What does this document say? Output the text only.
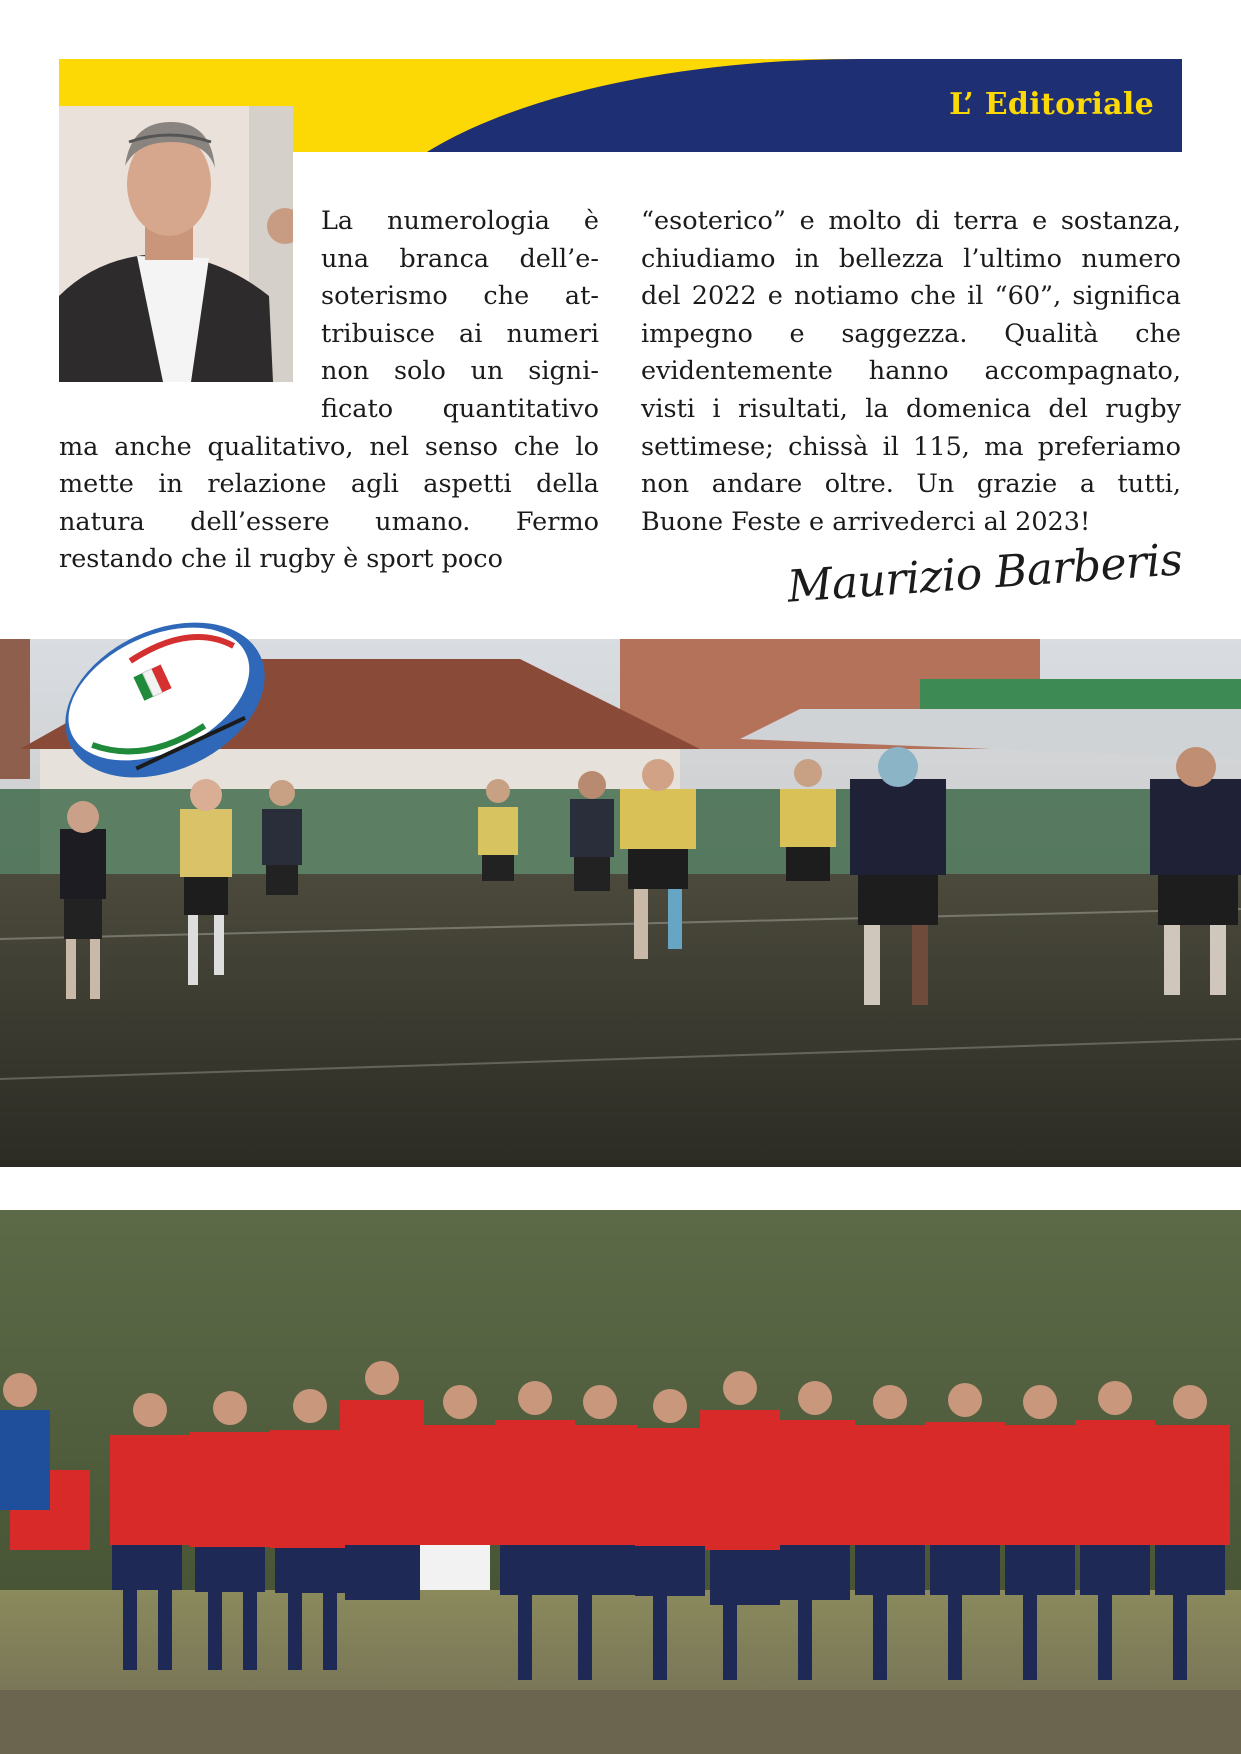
L’ Editoriale
La numerologia è una branca dell’esoterismo che attribuisce ai numeri non solo un significato quantitativo ma anche qualitativo, nel senso che lo mette in relazione agli aspetti della natura dell’essere umano. Fermo restando che il rugby è sport poco
“esoterico” e molto di terra e sostanza, chiudiamo in bellezza l’ultimo numero del 2022 e notiamo che il “60”, significa impegno e saggezza. Qualità che evidentemente hanno accompagnato, visti i risultati, la domenica del rugby settimese; chissà il 115, ma preferiamo non andare oltre. Un grazie a tutti, Buone Feste e arrivederci al 2023!
Maurizio Barberis
